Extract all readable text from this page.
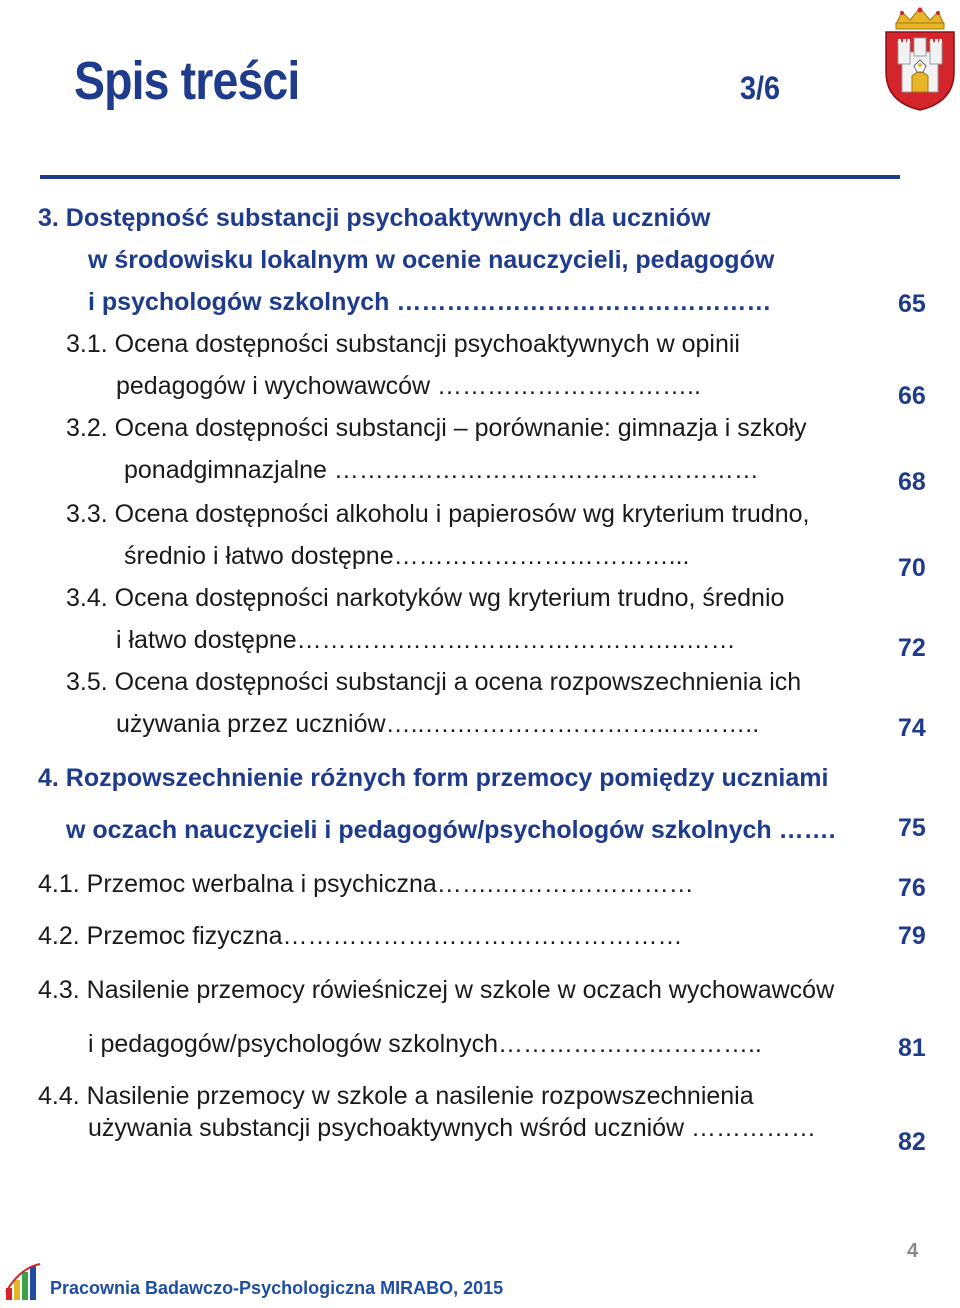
Spis treści	3/6
3. Dostępność substancji psychoaktywnych dla uczniów
w środowisku lokalnym w ocenie nauczycieli, pedagogów
i psychologów szkolnych ………………………………………	65
3.1. Ocena dostępności substancji psychoaktywnych w opinii
pedagogów i wychowawców …………………………..	66
3.2. Ocena dostępności substancji – porównanie: gimnazja i szkoły
ponadgimnazjalne ……………………………………………	68
3.3. Ocena dostępności alkoholu i papierosów wg kryterium trudno,
średnio i łatwo dostępne……………………………...	70
3.4. Ocena dostępności narkotyków wg kryterium trudno, średnio
i łatwo dostępne………………………………………..……	72
3.5. Ocena dostępności substancji a ocena rozpowszechnienia ich
używania przez uczniów…..….……………………..………..	74
4. Rozpowszechnienie różnych form przemocy pomiędzy uczniami
w oczach nauczycieli i pedagogów/psychologów szkolnych ……. 75
4.1. Przemoc werbalna i psychiczna…….……………………	76
4.2. Przemoc fizyczna…………………………………………	79
4.3. Nasilenie przemocy rówieśniczej w szkole w oczach wychowawców
i pedagogów/psychologów szkolnych…………………………..	81
4.4. Nasilenie przemocy w szkole a nasilenie rozpowszechnienia
używania substancji psychoaktywnych wśród uczniów ……………	82
4
Pracownia Badawczo-Psychologiczna MIRABO, 2015
